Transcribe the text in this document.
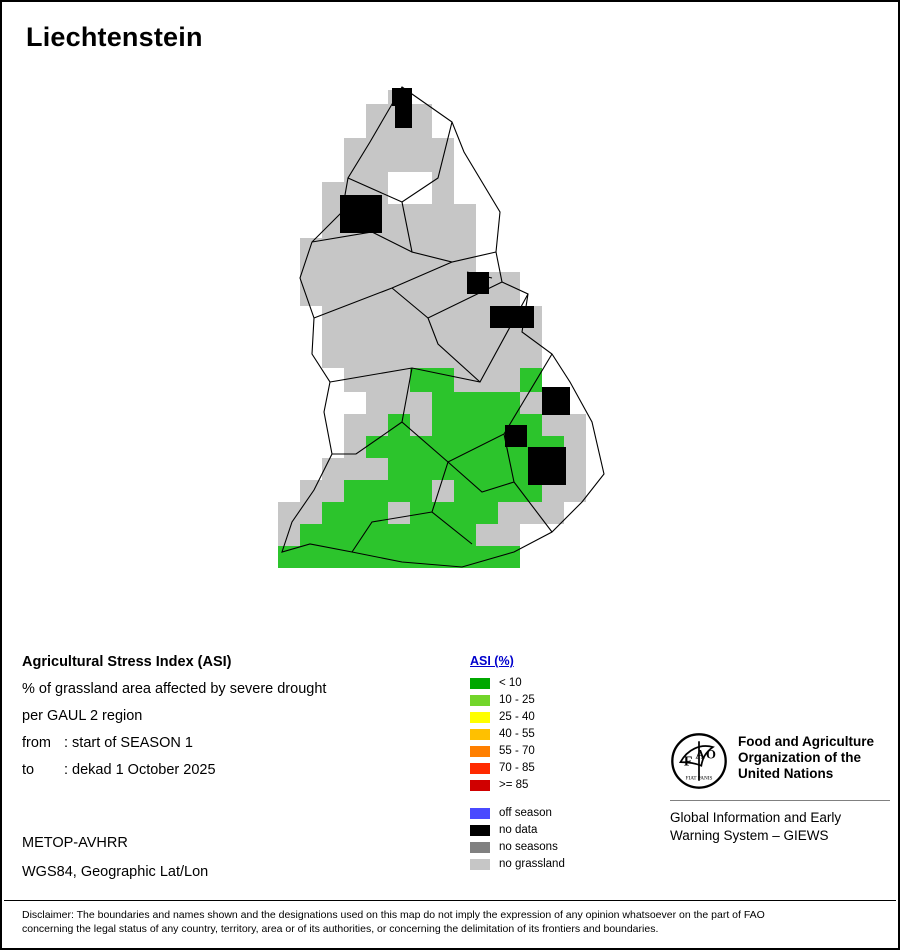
Liechtenstein
Agricultural Stress Index (ASI)
% of grassland area affected by severe drought
per GAUL 2 region
from : start of SEASON 1
to : dekad 1 October 2025
METOP-AVHRR
WGS84, Geographic Lat/Lon
ASI (%)
< 10
10 - 25
25 - 40
40 - 55
55 - 70
70 - 85
>= 85
off season
no data
no seasons
no grassland
F A O
FIAT PANIS
Food and Agriculture
Organization of the
United Nations
Global Information and Early
Warning System – GIEWS
Disclaimer: The boundaries and names shown and the designations used on this map do not imply the expression of any opinion whatsoever on the part of FAO
concerning the legal status of any country, territory, area or of its authorities, or concerning the delimitation of its frontiers and boundaries.
